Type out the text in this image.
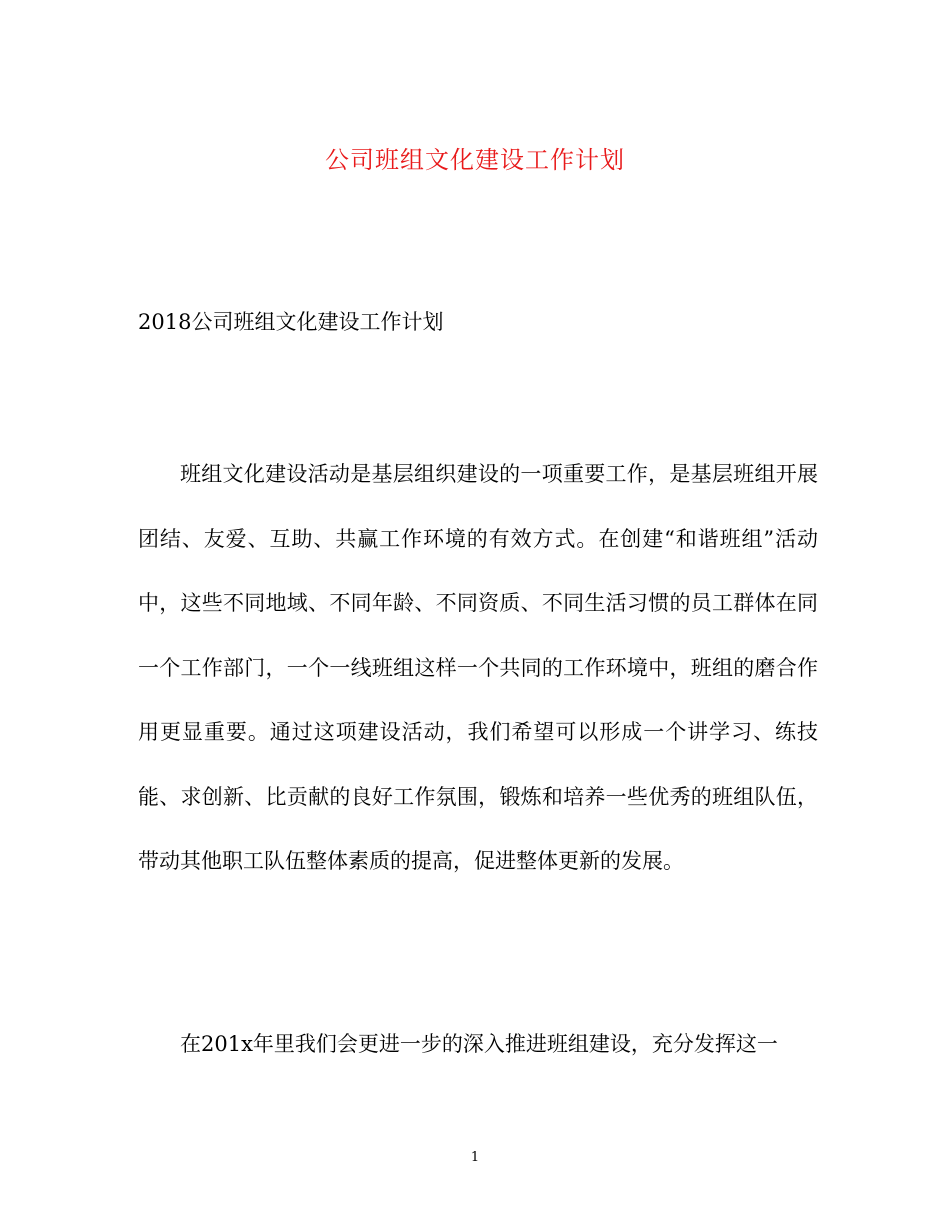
公司班组文化建设工作计划
2018公司班组文化建设工作计划
班组文化建设活动是基层组织建设的一项重要工作，是基层班组开展团结、友爱、互助、共赢工作环境的有效方式。在创建“和谐班组”活动中，这些不同地域、不同年龄、不同资质、不同生活习惯的员工群体在同一个工作部门，一个一线班组这样一个共同的工作环境中，班组的磨合作用更显重要。通过这项建设活动，我们希望可以形成一个讲学习、练技能、求创新、比贡献的良好工作氛围，锻炼和培养一些优秀的班组队伍，带动其他职工队伍整体素质的提高，促进整体更新的发展。
在201x年里我们会更进一步的深入推进班组建设，充分发挥这一
1
